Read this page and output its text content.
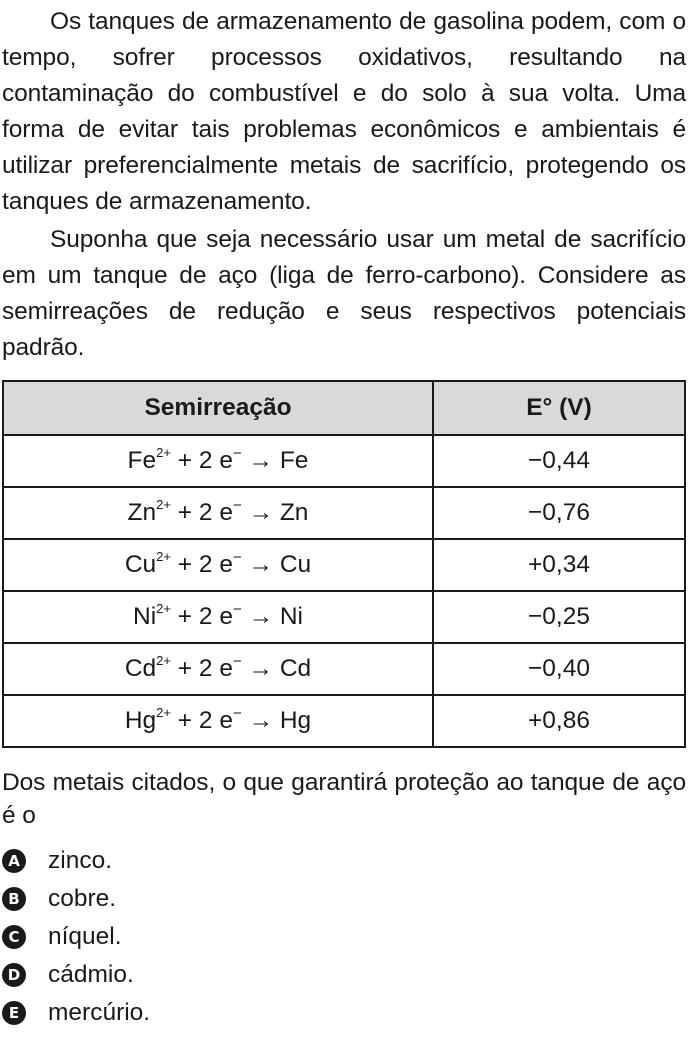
Os tanques de armazenamento de gasolina podem, com o tempo, sofrer processos oxidativos, resultando na contaminação do combustível e do solo à sua volta. Uma forma de evitar tais problemas econômicos e ambientais é utilizar preferencialmente metais de sacrifício, protegendo os tanques de armazenamento.

Suponha que seja necessário usar um metal de sacrifício em um tanque de aço (liga de ferro-carbono). Considere as semirreações de redução e seus respectivos potenciais padrão.

Semirreação	E° (V)
$Fe^{2+} + 2$ e− → Fe	−0,44
$Zn^{2+} + 2$ e− → Zn	−0,76
$Cu^{2+} + 2$ e− → Cu	+0,34
$Ni^{2+} + 2$ e− → Ni	−0,25
$Cd^{2+} + 2$ e− → Cd	−0,40
$Hg^{2+} + 2$ e− → Hg	+0,86

Dos metais citados, o que garantirá proteção ao tanque de aço é o

A zinco.
B cobre.
C níquel.
D cádmio.
E mercúrio.
